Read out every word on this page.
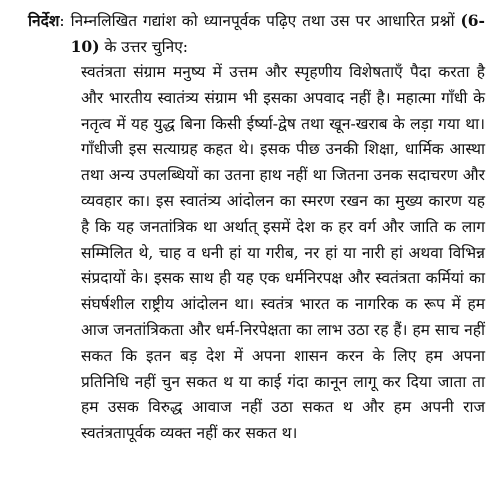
निर्देश: निम्नलिखित गद्यांश को ध्यानपूर्वक पढ़िए तथा उस पर आधारित प्रश्नों (6-10) के उत्तर चुनिए:
स्वतंत्रता संग्राम मनुष्य में उत्तम और स्पृहणीय विशेषताएँ पैदा करता है और भारतीय स्वातंत्र्य संग्राम भी इसका अपवाद नहीं है। महात्मा गाँधी के नतृत्व में यह युद्ध बिना किसी ईर्ष्या-द्वेष तथा खून-खराब के लड़ा गया था। गाँधीजी इस सत्याग्रह कहत थे। इसक पीछ उनकी शिक्षा, धार्मिक आस्था तथा अन्य उपलब्धियों का उतना हाथ नहीं था जितना उनक सदाचरण और व्यवहार का। इस स्वातंत्र्य आंदोलन का स्मरण रखन का मुख्य कारण यह है कि यह जनतांत्रिक था अर्थात् इसमें देश क हर वर्ग और जाति क लाग सम्मिलित थे, चाह व धनी हां या गरीब, नर हां या नारी हां अथवा विभिन्न संप्रदायों के। इसक साथ ही यह एक धर्मनिरपक्ष और स्वतंत्रता कर्मियां का संघर्षशील राष्ट्रीय आंदोलन था। स्वतंत्र भारत क नागरिक क रूप में हम आज जनतांत्रिकता और धर्म-निरपेक्षता का लाभ उठा रह हैं। हम साच नहीं सकत कि इतन बड़ देश में अपना शासन करन के लिए हम अपना प्रतिनिधि नहीं चुन सकत थ या काई गंदा कानून लागू कर दिया जाता ता हम उसक विरुद्ध आवाज नहीं उठा सकत थ और हम अपनी राज स्वतंत्रतापूर्वक व्यक्त नहीं कर सकत थ।
